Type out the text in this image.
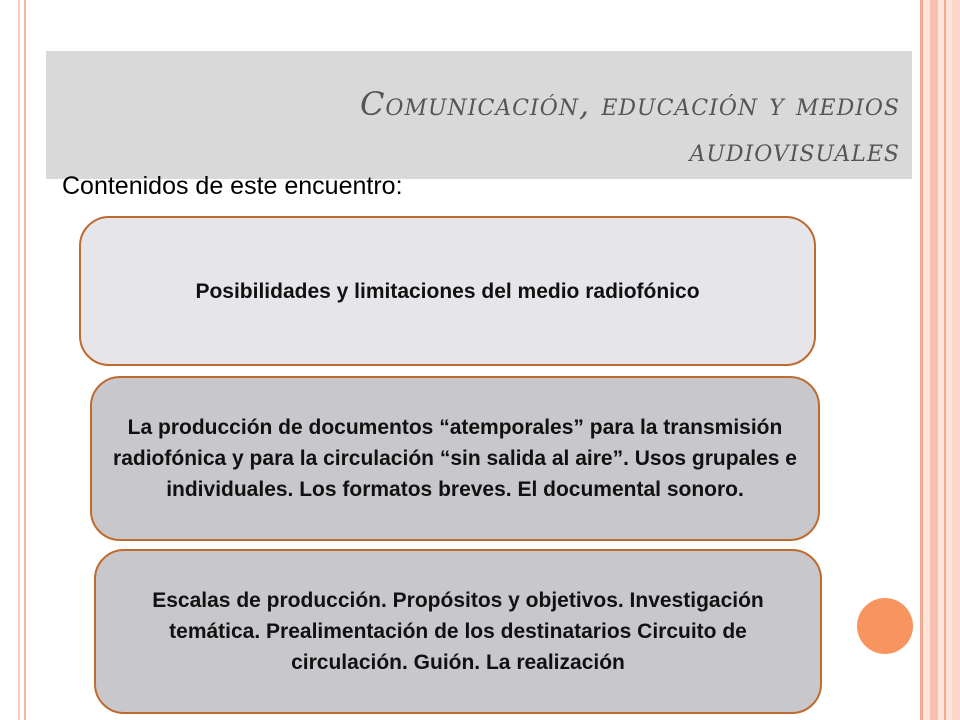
Comunicación, educación y medios audiovisuales
Contenidos de este encuentro:
Posibilidades y limitaciones del medio radiofónico
La producción de documentos “atemporales” para la transmisión radiofónica y para la circulación “sin salida al aire”. Usos grupales e individuales. Los formatos breves. El documental sonoro.
Escalas de producción. Propósitos y objetivos. Investigación temática. Prealimentación de los destinatarios Circuito de circulación. Guión. La realización
